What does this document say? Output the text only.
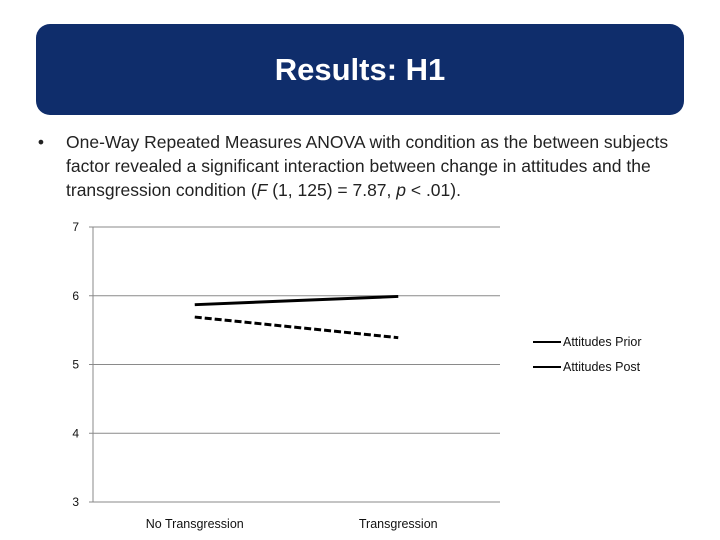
Results: H1
• One-Way Repeated Measures ANOVA with condition as the between subjects factor revealed a significant interaction between change in attitudes and the transgression condition (F (1, 125) = 7.87, p < .01).
3
4
5
6
7
No Transgression	Transgression
Attitudes Prior
Attitudes Post
